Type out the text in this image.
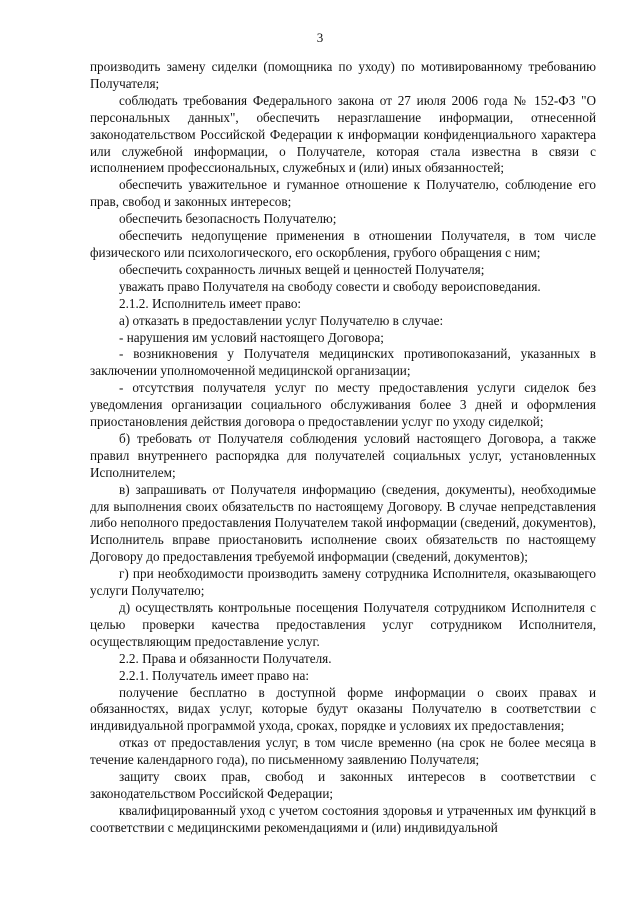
3

производить замену сиделки (помощника по уходу) по мотивированному требованию Получателя;

соблюдать требования Федерального закона от 27 июля 2006 года № 152-ФЗ "О персональных данных", обеспечить неразглашение информации, отнесенной законодательством Российской Федерации к информации конфиденциального характера или служебной информации, о Получателе, которая стала известна в связи с исполнением профессиональных, служебных и (или) иных обязанностей;

обеспечить уважительное и гуманное отношение к Получателю, соблюдение его прав, свобод и законных интересов;

обеспечить безопасность Получателю;

обеспечить недопущение применения в отношении Получателя, в том числе физического или психологического, его оскорбления, грубого обращения с ним;

обеспечить сохранность личных вещей и ценностей Получателя;

уважать право Получателя на свободу совести и свободу вероисповедания.

2.1.2. Исполнитель имеет право:

а) отказать в предоставлении услуг Получателю в случае:

- нарушения им условий настоящего Договора;

- возникновения у Получателя медицинских противопоказаний, указанных в заключении уполномоченной медицинской организации;

- отсутствия получателя услуг по месту предоставления услуги сиделок без уведомления организации социального обслуживания более 3 дней и оформления приостановления действия договора о предоставлении услуг по уходу сиделкой;

б) требовать от Получателя соблюдения условий настоящего Договора, а также правил внутреннего распорядка для получателей социальных услуг, установленных Исполнителем;

в) запрашивать от Получателя информацию (сведения, документы), необходимые для выполнения своих обязательств по настоящему Договору. В случае непредставления либо неполного предоставления Получателем такой информации (сведений, документов), Исполнитель вправе приостановить исполнение своих обязательств по настоящему Договору до предоставления требуемой информации (сведений, документов);

г) при необходимости производить замену сотрудника Исполнителя, оказывающего услуги Получателю;

д) осуществлять контрольные посещения Получателя сотрудником Исполнителя с целью проверки качества предоставления услуг сотрудником Исполнителя, осуществляющим предоставление услуг.

2.2. Права и обязанности Получателя.

2.2.1. Получатель имеет право на:

получение бесплатно в доступной форме информации о своих правах и обязанностях, видах услуг, которые будут оказаны Получателю в соответствии с индивидуальной программой ухода, сроках, порядке и условиях их предоставления;

отказ от предоставления услуг, в том числе временно (на срок не более месяца в течение календарного года), по письменному заявлению Получателя;

защиту своих прав, свобод и законных интересов в соответствии с законодательством Российской Федерации;

квалифицированный уход с учетом состояния здоровья и утраченных им функций в соответствии с медицинскими рекомендациями и (или) индивидуальной
